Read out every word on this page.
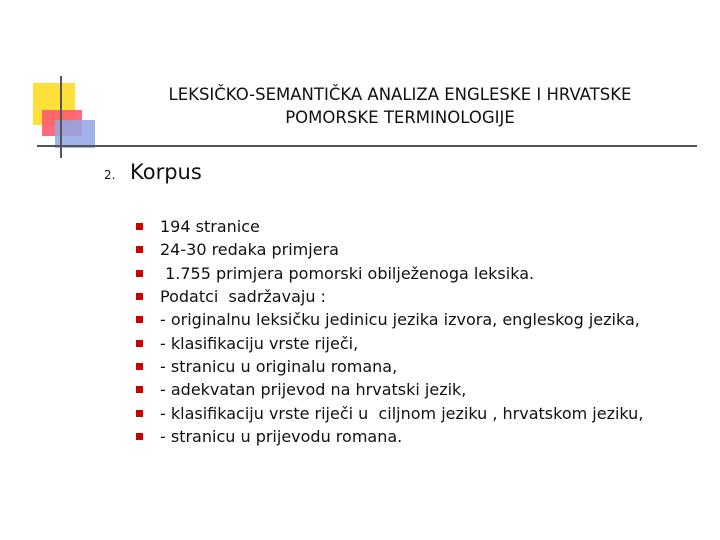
LEKSIČKO-SEMANTIČKA ANALIZA ENGLESKE I HRVATSKE
POMORSKE TERMINOLOGIJE
2. Korpus
194 stranice
24-30 redaka primjera
1.755 primjera pomorski obilježenoga leksika.
Podatci  sadržavaju :
- originalnu leksičku jedinicu jezika izvora, engleskog jezika,
- klasifikaciju vrste riječi,
- stranicu u originalu romana,
- adekvatan prijevod na hrvatski jezik,
- klasifikaciju vrste riječi u  ciljnom jeziku , hrvatskom jeziku,
- stranicu u prijevodu romana.
